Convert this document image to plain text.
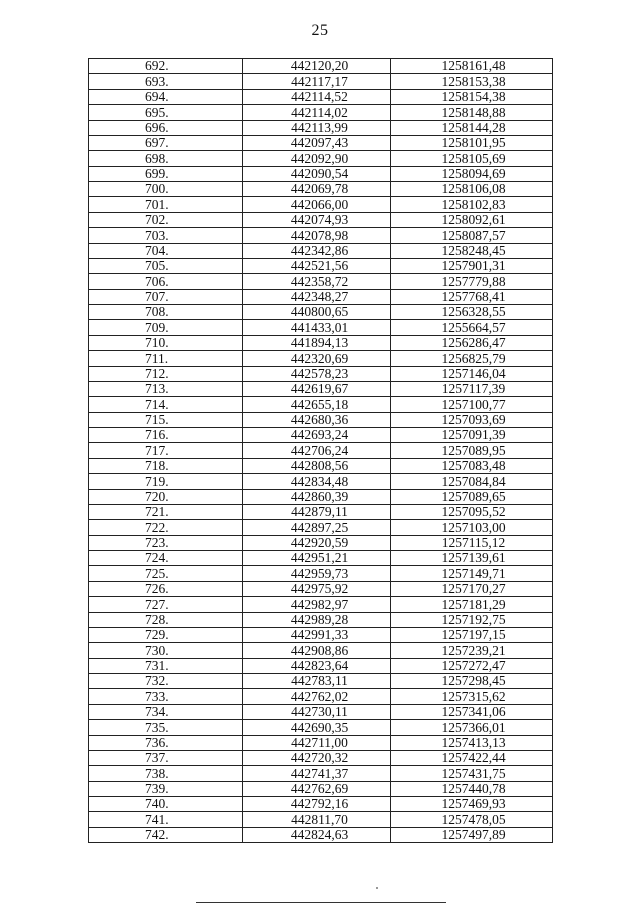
25
692.	442120,20	1258161,48
693.	442117,17	1258153,38
694.	442114,52	1258154,38
695.	442114,02	1258148,88
696.	442113,99	1258144,28
697.	442097,43	1258101,95
698.	442092,90	1258105,69
699.	442090,54	1258094,69
700.	442069,78	1258106,08
701.	442066,00	1258102,83
702.	442074,93	1258092,61
703.	442078,98	1258087,57
704.	442342,86	1258248,45
705.	442521,56	1257901,31
706.	442358,72	1257779,88
707.	442348,27	1257768,41
708.	440800,65	1256328,55
709.	441433,01	1255664,57
710.	441894,13	1256286,47
711.	442320,69	1256825,79
712.	442578,23	1257146,04
713.	442619,67	1257117,39
714.	442655,18	1257100,77
715.	442680,36	1257093,69
716.	442693,24	1257091,39
717.	442706,24	1257089,95
718.	442808,56	1257083,48
719.	442834,48	1257084,84
720.	442860,39	1257089,65
721.	442879,11	1257095,52
722.	442897,25	1257103,00
723.	442920,59	1257115,12
724.	442951,21	1257139,61
725.	442959,73	1257149,71
726.	442975,92	1257170,27
727.	442982,97	1257181,29
728.	442989,28	1257192,75
729.	442991,33	1257197,15
730.	442908,86	1257239,21
731.	442823,64	1257272,47
732.	442783,11	1257298,45
733.	442762,02	1257315,62
734.	442730,11	1257341,06
735.	442690,35	1257366,01
736.	442711,00	1257413,13
737.	442720,32	1257422,44
738.	442741,37	1257431,75
739.	442762,69	1257440,78
740.	442792,16	1257469,93
741.	442811,70	1257478,05
742.	442824,63	1257497,89
